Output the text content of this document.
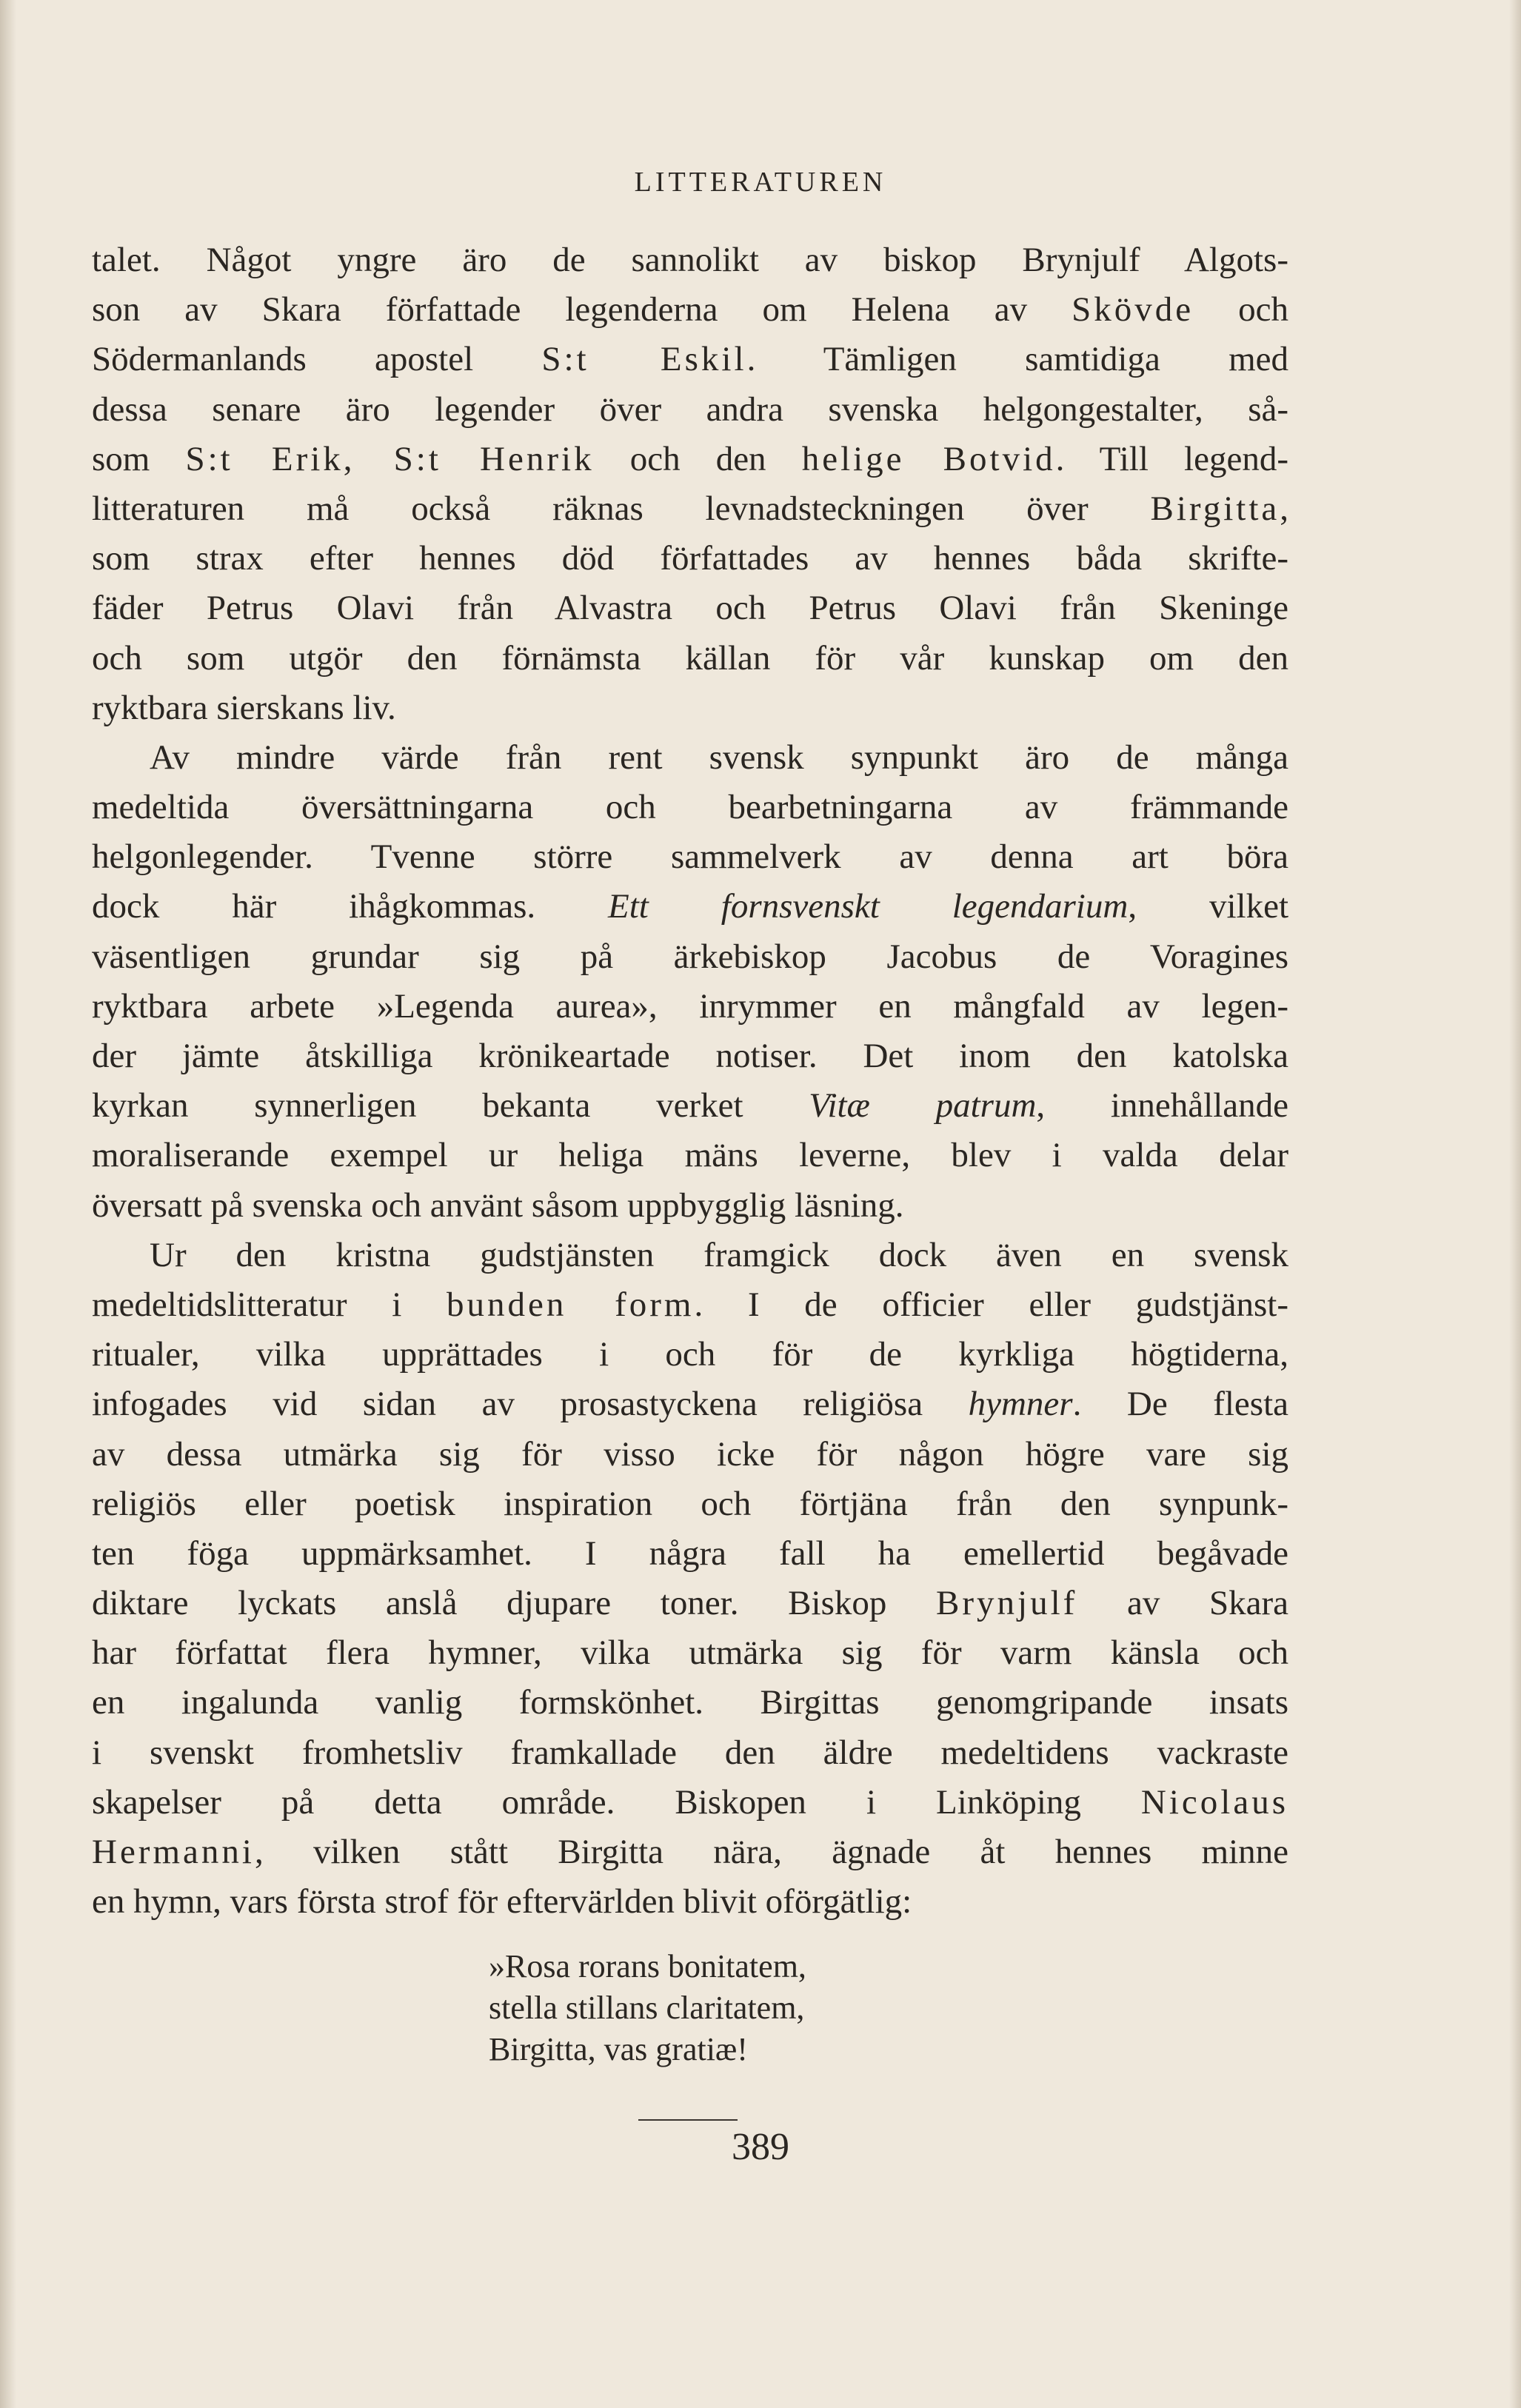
LITTERATUREN
talet. Något yngre äro de sannolikt av biskop Brynjulf Algots-
son av Skara författade legenderna om Helena av Skövde och
Södermanlands apostel S:t Eskil. Tämligen samtidiga med
dessa senare äro legender över andra svenska helgongestalter, så-
som S:t Erik, S:t Henrik och den helige Botvid. Till legend-
litteraturen må också räknas levnadsteckningen över Birgitta,
som strax efter hennes död författades av hennes båda skrifte-
fäder Petrus Olavi från Alvastra och Petrus Olavi från Skeninge
och som utgör den förnämsta källan för vår kunskap om den
ryktbara sierskans liv.
Av mindre värde från rent svensk synpunkt äro de många
medeltida översättningarna och bearbetningarna av främmande
helgonlegender. Tvenne större sammelverk av denna art böra
dock här ihågkommas. Ett fornsvenskt legendarium, vilket
väsentligen grundar sig på ärkebiskop Jacobus de Voragines
ryktbara arbete »Legenda aurea», inrymmer en mångfald av legen-
der jämte åtskilliga krönikeartade notiser. Det inom den katolska
kyrkan synnerligen bekanta verket Vitæ patrum, innehållande
moraliserande exempel ur heliga mäns leverne, blev i valda delar
översatt på svenska och använt såsom uppbygglig läsning.
Ur den kristna gudstjänsten framgick dock även en svensk
medeltidslitteratur i bunden form. I de officier eller gudstjänst-
ritualer, vilka upprättades i och för de kyrkliga högtiderna,
infogades vid sidan av prosastyckena religiösa hymner. De flesta
av dessa utmärka sig för visso icke för någon högre vare sig
religiös eller poetisk inspiration och förtjäna från den synpunk-
ten föga uppmärksamhet. I några fall ha emellertid begåvade
diktare lyckats anslå djupare toner. Biskop Brynjulf av Skara
har författat flera hymner, vilka utmärka sig för varm känsla och
en ingalunda vanlig formskönhet. Birgittas genomgripande insats
i svenskt fromhetsliv framkallade den äldre medeltidens vackraste
skapelser på detta område. Biskopen i Linköping Nicolaus
Hermanni, vilken stått Birgitta nära, ägnade åt hennes minne
en hymn, vars första strof för eftervärlden blivit oförgätlig:
»Rosa rorans bonitatem,
stella stillans claritatem,
Birgitta, vas gratiæ!
389
